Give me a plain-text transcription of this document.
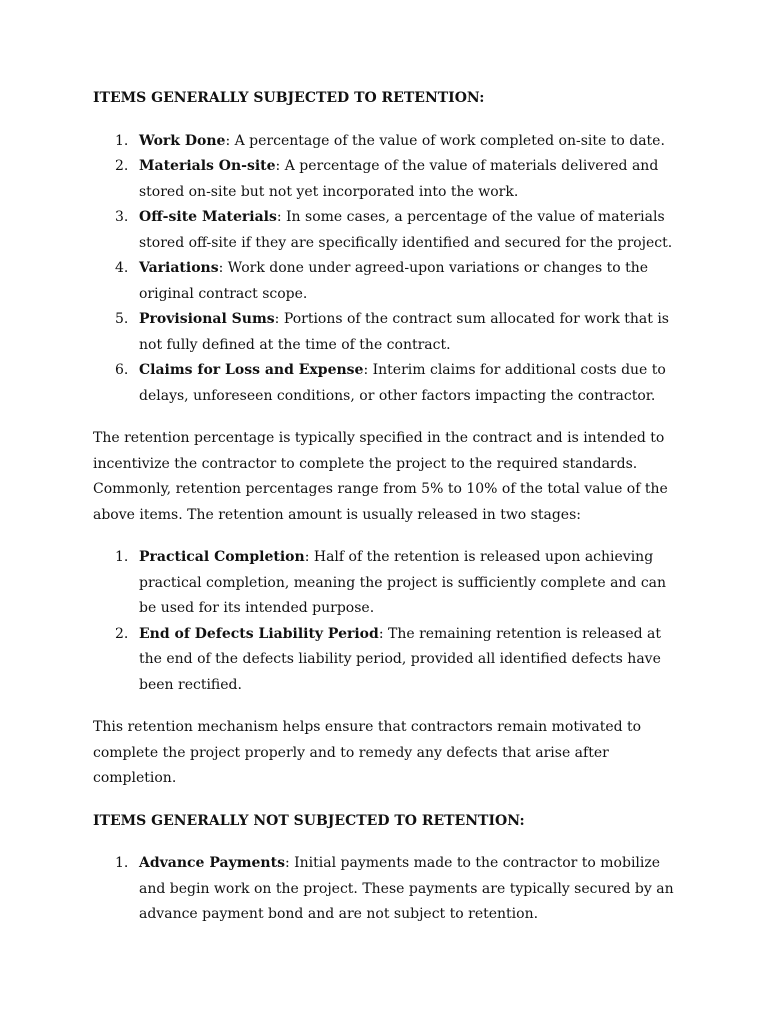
ITEMS GENERALLY SUBJECTED TO RETENTION:

1. Work Done: A percentage of the value of work completed on-site to date.
2. Materials On-site: A percentage of the value of materials delivered and stored on-site but not yet incorporated into the work.
3. Off-site Materials: In some cases, a percentage of the value of materials stored off-site if they are specifically identified and secured for the project.
4. Variations: Work done under agreed-upon variations or changes to the original contract scope.
5. Provisional Sums: Portions of the contract sum allocated for work that is not fully defined at the time of the contract.
6. Claims for Loss and Expense: Interim claims for additional costs due to delays, unforeseen conditions, or other factors impacting the contractor.

The retention percentage is typically specified in the contract and is intended to incentivize the contractor to complete the project to the required standards. Commonly, retention percentages range from 5% to 10% of the total value of the above items. The retention amount is usually released in two stages:

1. Practical Completion: Half of the retention is released upon achieving practical completion, meaning the project is sufficiently complete and can be used for its intended purpose.
2. End of Defects Liability Period: The remaining retention is released at the end of the defects liability period, provided all identified defects have been rectified.

This retention mechanism helps ensure that contractors remain motivated to complete the project properly and to remedy any defects that arise after completion.

ITEMS GENERALLY NOT SUBJECTED TO RETENTION:

1. Advance Payments: Initial payments made to the contractor to mobilize and begin work on the project. These payments are typically secured by an advance payment bond and are not subject to retention.
